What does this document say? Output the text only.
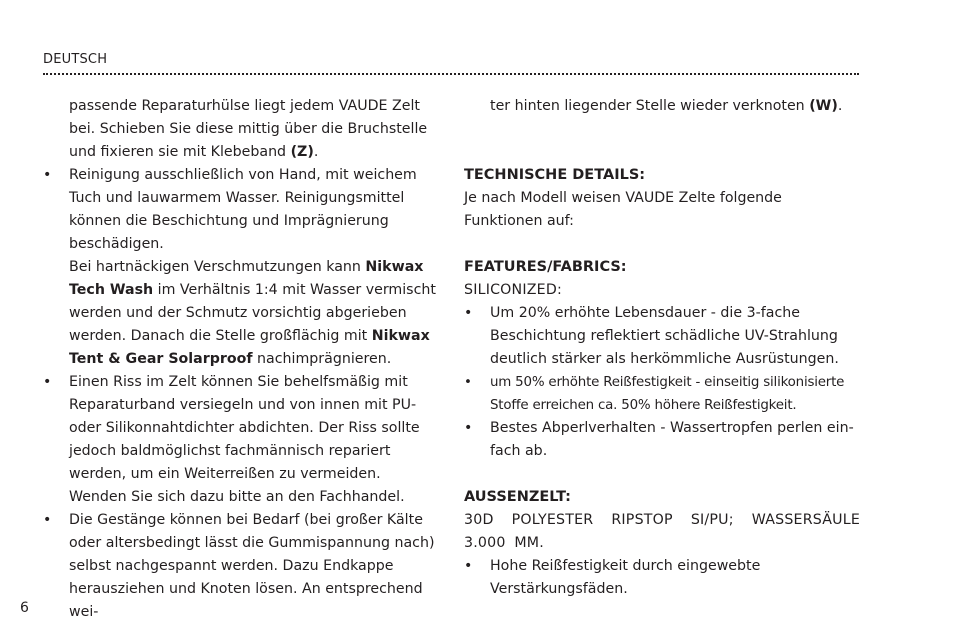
DEUTSCH
passende Reparaturhülse liegt jedem VAUDE Zelt bei. Schieben Sie diese mittig über die Bruchstelle und fixieren sie mit Klebeband (Z).
• Reinigung ausschließlich von Hand, mit weichem Tuch und lauwarmem Wasser. Reinigungsmittel können die Beschichtung und Imprägnierung beschädigen.
Bei hartnäckigen Verschmutzungen kann Nikwax Tech Wash im Verhältnis 1:4 mit Wasser vermischt werden und der Schmutz vorsichtig abgerieben werden. Danach die Stelle großflächig mit Nikwax Tent & Gear Solarproof nachimprägnieren.
• Einen Riss im Zelt können Sie behelfsmäßig mit Reparaturband versiegeln und von innen mit PU- oder Silikonnahtdichter abdichten. Der Riss sollte jedoch baldmöglichst fachmännisch repariert werden, um ein Weiterreißen zu vermeiden. Wenden Sie sich dazu bitte an den Fachhandel.
• Die Gestänge können bei Bedarf (bei großer Kälte oder altersbedingt lässt die Gummispannung nach) selbst nachgespannt werden. Dazu Endkappe herausziehen und Knoten lösen. An entsprechend wei-
ter hinten liegender Stelle wieder verknoten (W).
TECHNISCHE DETAILS:
Je nach Modell weisen VAUDE Zelte folgende Funktionen auf:
FEATURES/FABRICS:
SILICONIZED:
• Um 20% erhöhte Lebensdauer - die 3-fache Beschichtung reflektiert schädliche UV-Strahlung deutlich stärker als herkömmliche Ausrüstungen.
• um 50% erhöhte Reißfestigkeit - einseitig silikonisierte Stoffe erreichen ca. 50% höhere Reißfestigkeit.
• Bestes Abperlverhalten - Wassertropfen perlen ein- fach ab.
AUSSENZELT:
30D POLYESTER RIPSTOP SI/PU; WASSERSÄULE 3.000 MM.
• Hohe Reißfestigkeit durch eingewebte Verstärkungsfäden.
6
